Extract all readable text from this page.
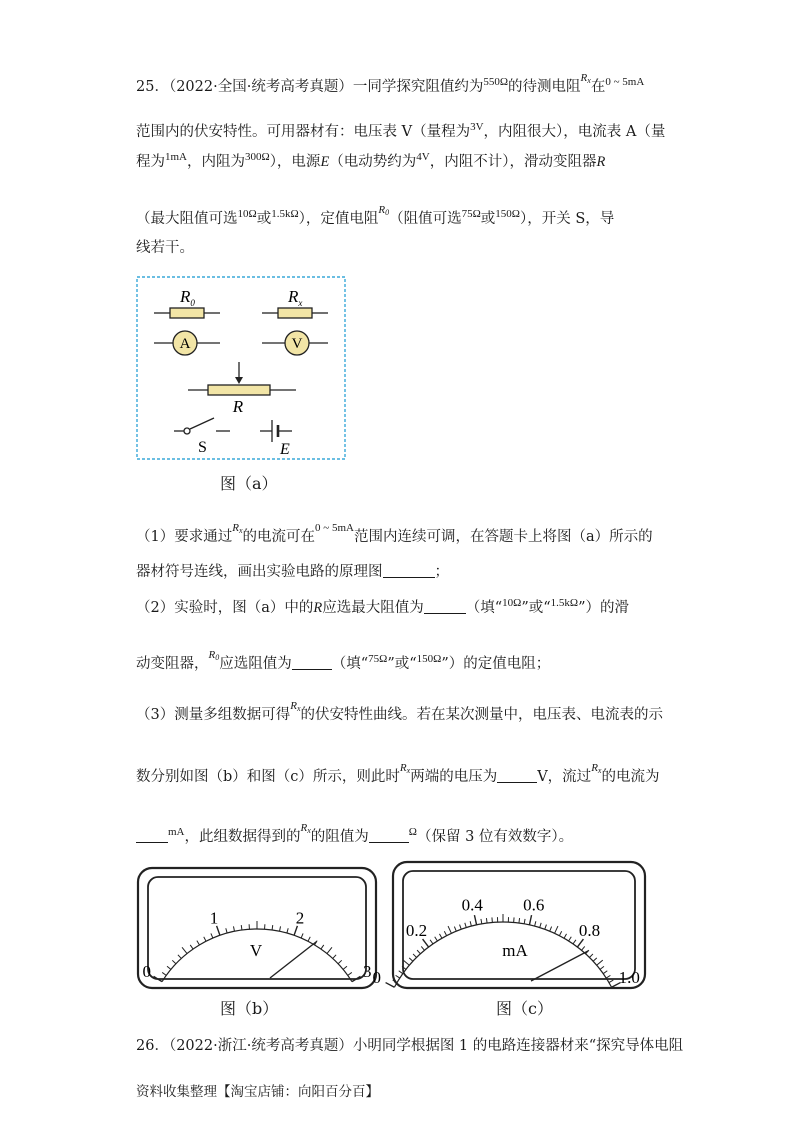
25．（2022·全国·统考高考真题）一同学探究阻值约为$^{550\Omega}$的待测电阻$^{R_x}$在$^{0 \sim 5mA}$
范围内的伏安特性。可用器材有：电压表 V（量程为$^{3V}$，内阻很大），电流表 A（量
程为$^{1mA}$，内阻为$^{300\Omega}$），电源E（电动势约为$^{4V}$，内阻不计），滑动变阻器R
（最大阻值可选$^{10\Omega}$或$^{1.5k\Omega}$），定值电阻$^{R_0}$（阻值可选$^{75\Omega}$或$^{150\Omega}$），开关 S，导
线若干。
$R_0$	$R_x$
A	V
R
S	E
图（a）
（1）要求通过$^{R_x}$的电流可在$^{0 \sim 5mA}$范围内连续可调，在答题卡上将图（a）所示的
器材符号连线，画出实验电路的原理图	；
（2）实验时，图（a）中的R应选最大阻值为	（填“$^{10\Omega}$”或“$^{1.5k\Omega}$”）的滑
动变阻器，$^{R_0}$应选阻值为	（填“$^{75\Omega}$”或“$^{150\Omega}$”）的定值电阻；
（3）测量多组数据可得$^{R_x}$的伏安特性曲线。若在某次测量中，电压表、电流表的示
数分别如图（b）和图（c）所示，则此时$^{R_x}$两端的电压为	V，流过$^{R_x}$的电流为
$^{mA}$，此组数据得到的$^{R_x}$的阻值为	$^\Omega$（保留 3 位有效数字）。
0
1	2
3
V
图（b）
0
0.2
0.4 0.6
0.8
1.0
mA
图（c）
26．（2022·浙江·统考高考真题）小明同学根据图 1 的电路连接器材来“探究导体电阻
资料收集整理【淘宝店铺：向阳百分百】
